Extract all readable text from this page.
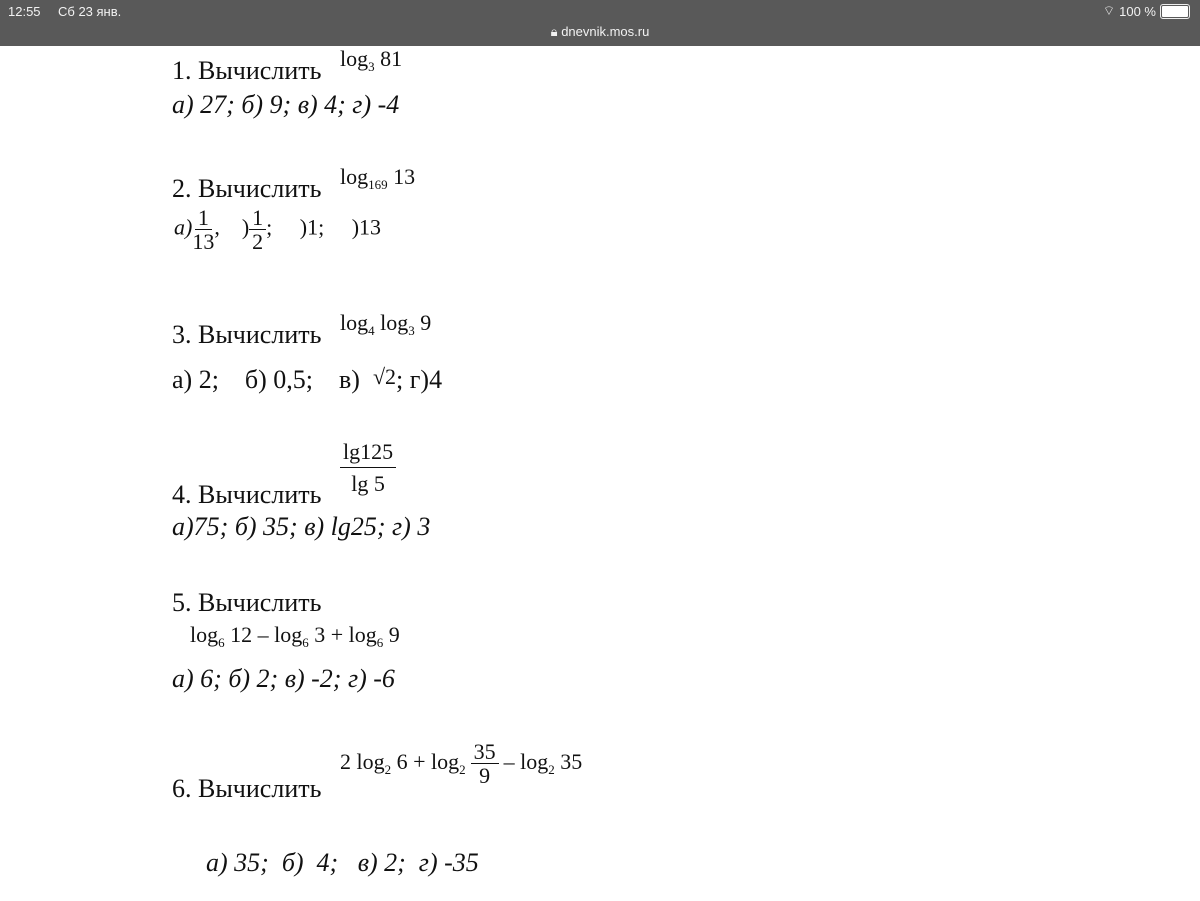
12:55 Сб 23 янв.	⌔ 100 %
🔒︎ dnevnik.mos.ru
1. Вычислить $\log_3 81$
а) 27; б) 9; в) 4; г) -4
2. Вычислить $\log_{169} 13$
$а) \frac{1}{13}$ , ) $\frac{1}{2}$ ; )1; )13
3. Вычислить $\log_4 \log_3 9$
а) 2;    б) 0,5;    в) √2; г)4
4. Вычислить $\frac{\lg 125}{\lg 5}$
а)75; б) 35; в) lg25; г) 3
5. Вычислить
$\log_6 12 - \log_6 3 + \log_6 9$
а) 6; б) 2; в) -2; г) -6
6. Вычислить
2 $\log_2 6 + \log_2 \frac{35}{9} - \log_2 35$
а) 35;  б)  4;   в) 2;  г) -35
